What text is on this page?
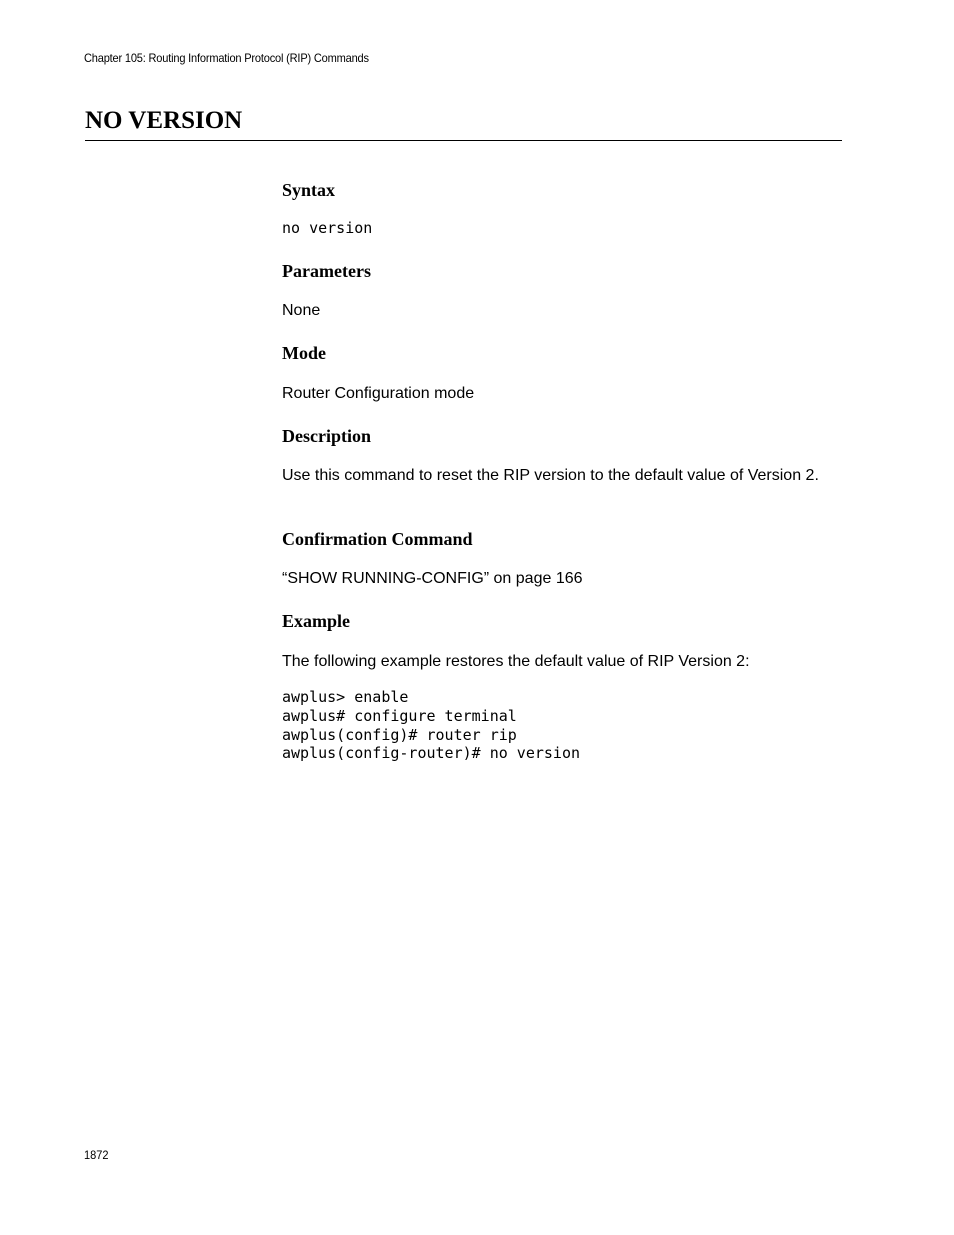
Chapter 105: Routing Information Protocol (RIP) Commands
NO VERSION
Syntax
no version
Parameters

None

Mode

Router Configuration mode

Description

Use this command to reset the RIP version to the default value of Version 2.

Confirmation Command

“SHOW RUNNING-CONFIG” on page 166

Example

The following example restores the default value of RIP Version 2:

awplus> enable
awplus# configure terminal
awplus(config)# router rip
awplus(config-router)# no version
1872
